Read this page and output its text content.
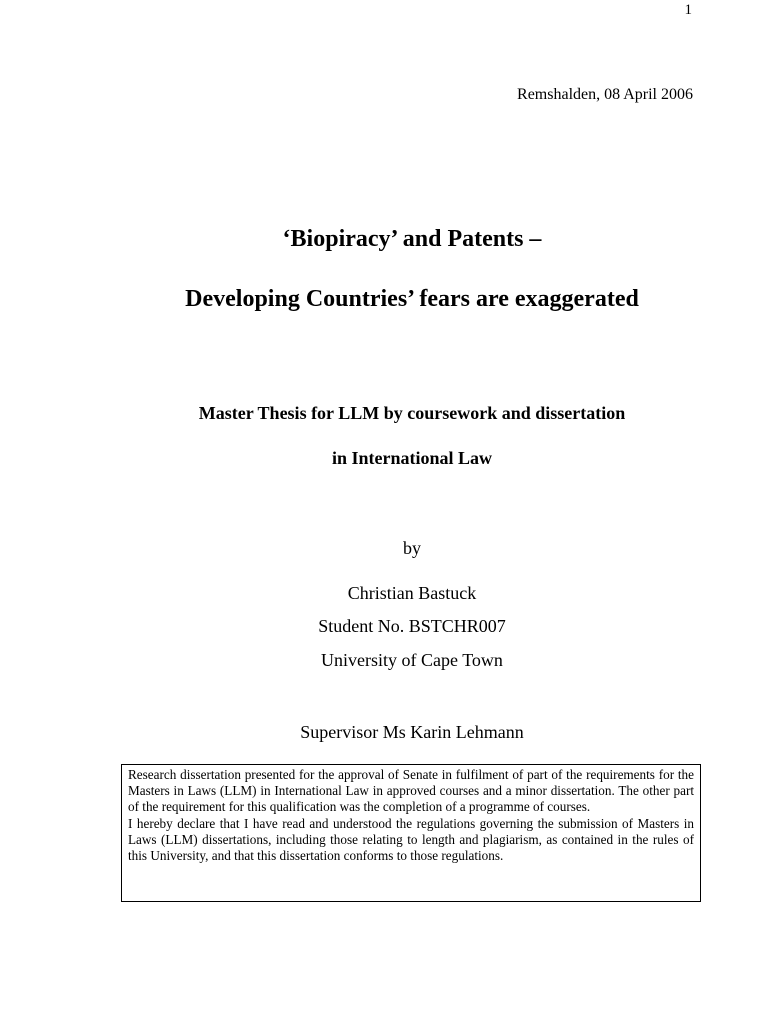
1
Remshalden, 08 April 2006
‘Biopiracy’ and Patents –
Developing Countries’ fears are exaggerated
Master Thesis for LLM by coursework and dissertation
in International Law
by
Christian Bastuck
Student No. BSTCHR007
University of Cape Town
Supervisor Ms Karin Lehmann

Research dissertation presented for the approval of Senate in fulfilment of part of the requirements for the Masters in Laws (LLM) in International Law in approved courses and a minor dissertation. The other part of the requirement for this qualification was the completion of a programme of courses.

I hereby declare that I have read and understood the regulations governing the submission of Masters in Laws (LLM) dissertations, including those relating to length and plagiarism, as contained in the rules of this University, and that this dissertation conforms to those regulations.
